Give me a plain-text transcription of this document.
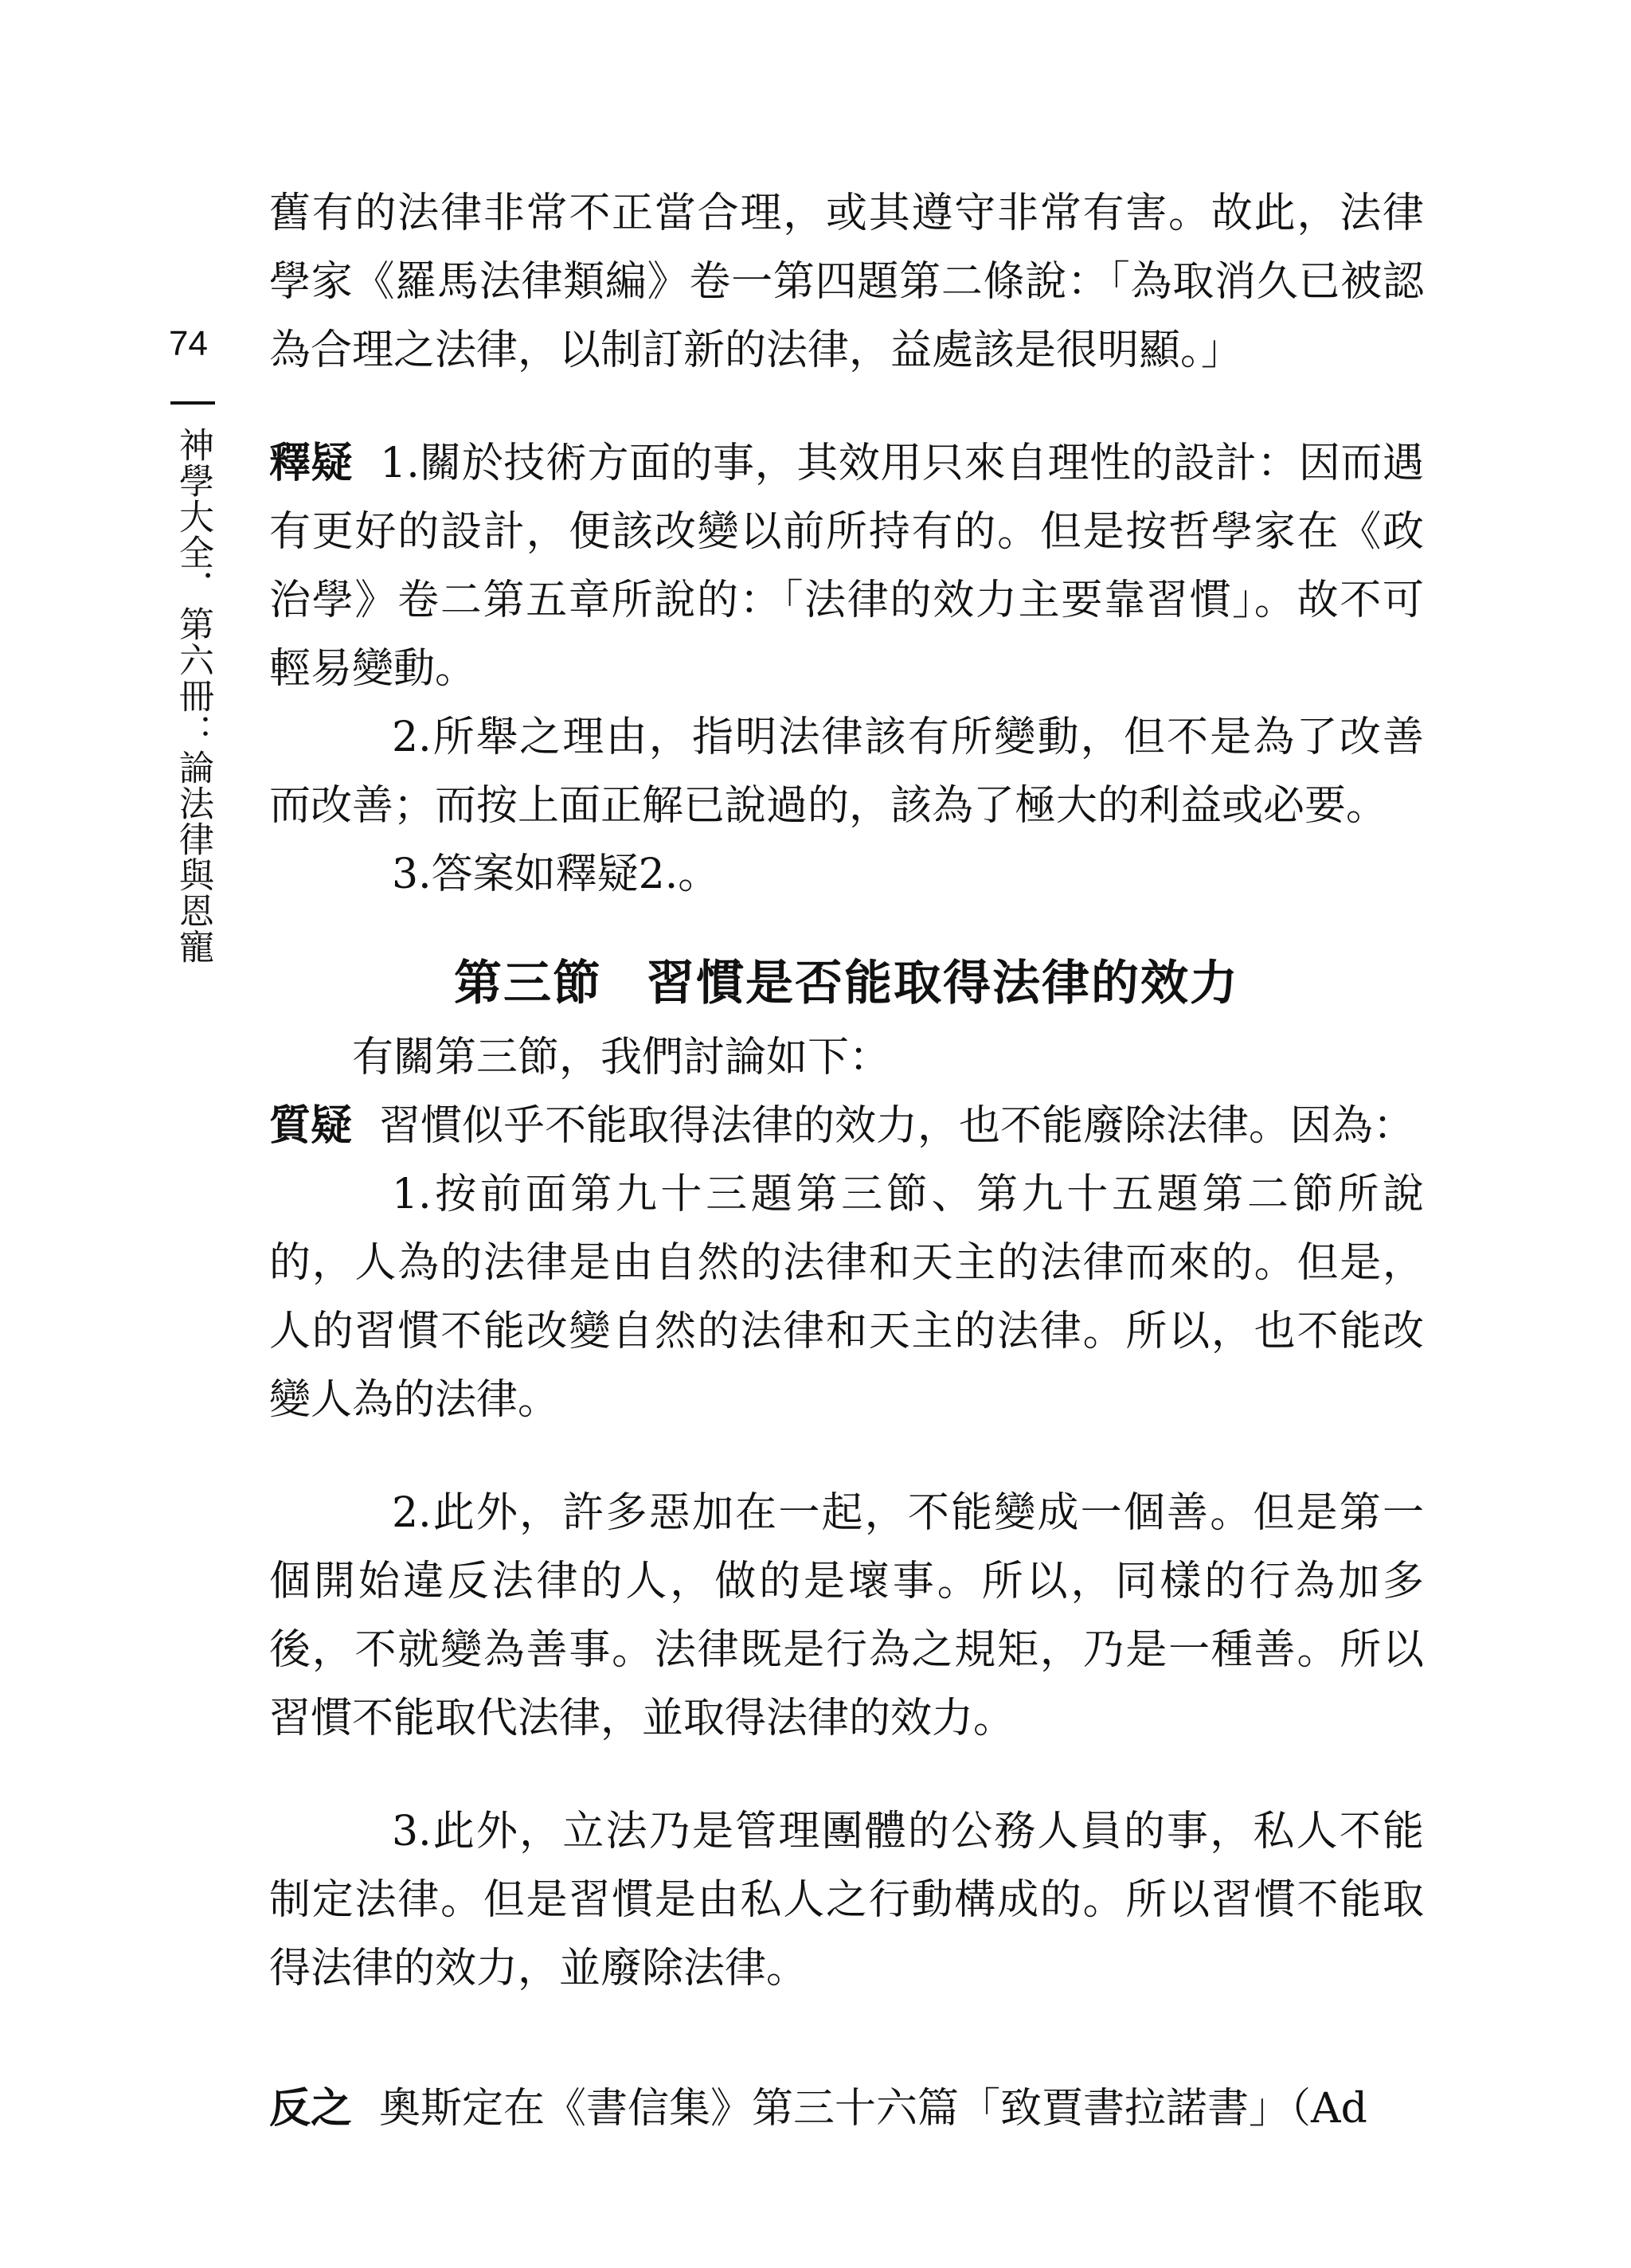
74
神學大全．第六冊：論法律與恩寵

舊有的法律非常不正當合理，或其遵守非常有害。故此，法律學家《羅馬法律類編》卷一第四題第二條說：「為取消久已被認為合理之法律，以制訂新的法律，益處該是很明顯。」

釋疑 1.關於技術方面的事，其效用只來自理性的設計：因而遇有更好的設計，便該改變以前所持有的。但是按哲學家在《政治學》卷二第五章所說的：「法律的效力主要靠習慣」。故不可輕易變動。

2.所舉之理由，指明法律該有所變動，但不是為了改善而改善；而按上面正解已說過的，該為了極大的利益或必要。

3.答案如釋疑2.。

第三節 習慣是否能取得法律的效力

有關第三節，我們討論如下：

質疑 習慣似乎不能取得法律的效力，也不能廢除法律。因為：

1.按前面第九十三題第三節、第九十五題第二節所說的，人為的法律是由自然的法律和天主的法律而來的。但是，人的習慣不能改變自然的法律和天主的法律。所以，也不能改變人為的法律。

2.此外，許多惡加在一起，不能變成一個善。但是第一個開始違反法律的人，做的是壞事。所以，同樣的行為加多後，不就變為善事。法律既是行為之規矩，乃是一種善。所以習慣不能取代法律，並取得法律的效力。

3.此外，立法乃是管理團體的公務人員的事，私人不能制定法律。但是習慣是由私人之行動構成的。所以習慣不能取得法律的效力，並廢除法律。

反之 奧斯定在《書信集》第三十六篇「致賈書拉諾書」（Ad
